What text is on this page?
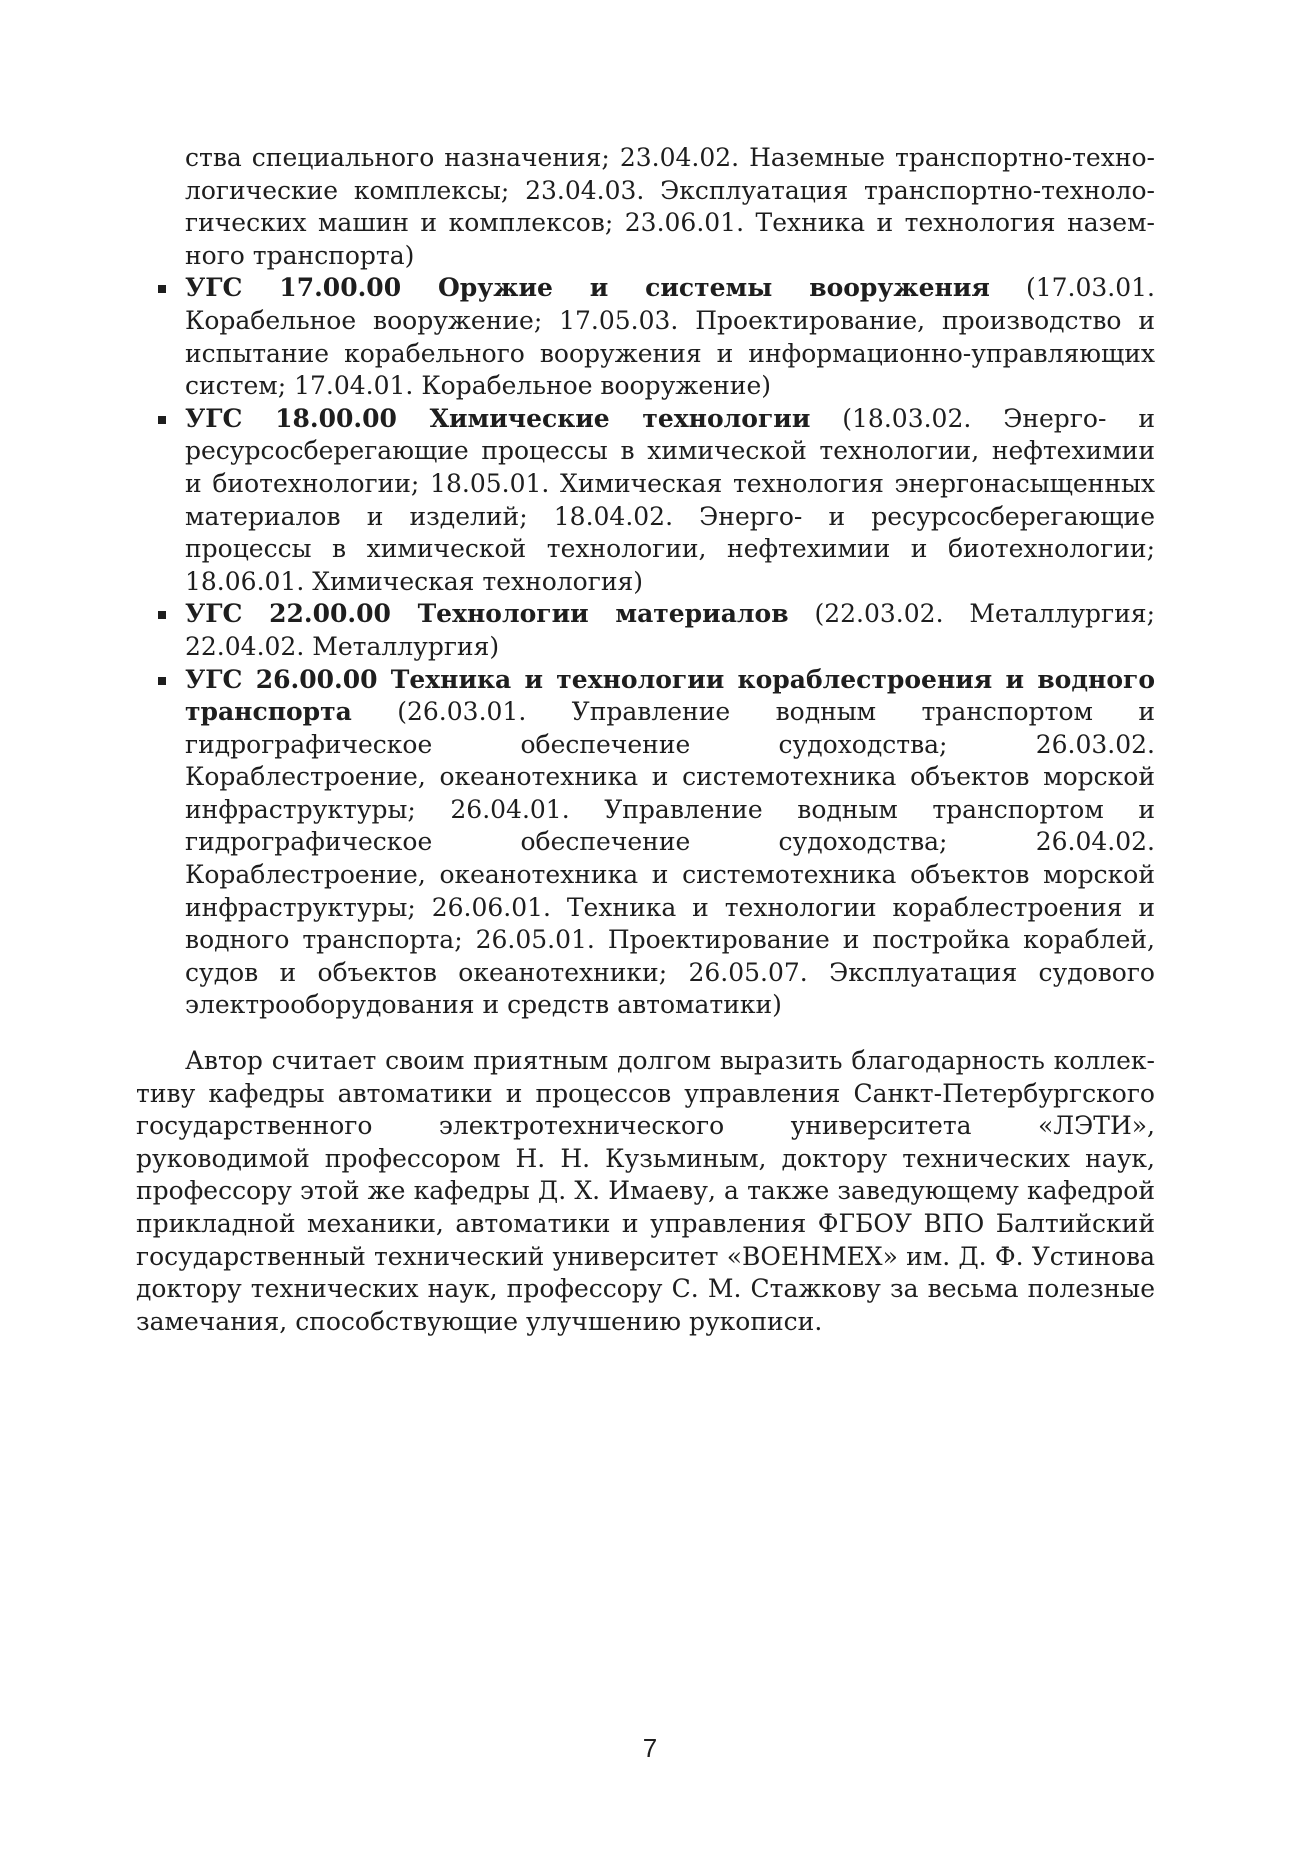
ства специального назначения; 23.04.02. Наземные транспортно-технологические комплексы; 23.04.03. Эксплуатация транспортно-технологических машин и комплексов; 23.06.01. Техника и технология наземного транспорта)

УГС 17.00.00 Оружие и системы вооружения (17.03.01. Корабельное вооружение; 17.05.03. Проектирование, производство и испытание корабельного вооружения и информационно-управляющих систем; 17.04.01. Корабельное вооружение)
УГС 18.00.00 Химические технологии (18.03.02. Энерго- и ресурсосберегающие процессы в химической технологии, нефтехимии и биотехнологии; 18.05.01. Химическая технология энергонасыщенных материалов и изделий; 18.04.02. Энерго- и ресурсосберегающие процессы в химической технологии, нефтехимии и биотехнологии; 18.06.01. Химическая технология)
УГС 22.00.00 Технологии материалов (22.03.02. Металлургия; 22.04.02. Металлургия)
УГС 26.00.00 Техника и технологии кораблестроения и водного транспорта (26.03.01. Управление водным транспортом и гидрографическое обеспечение судоходства; 26.03.02. Кораблестроение, океанотехника и системотехника объектов морской инфраструктуры; 26.04.01. Управление водным транспортом и гидрографическое обеспечение судоходства; 26.04.02. Кораблестроение, океанотехника и системотехника объектов морской инфраструктуры; 26.06.01. Техника и технологии кораблестроения и водного транспорта; 26.05.01. Проектирование и постройка кораблей, судов и объектов океанотехники; 26.05.07. Эксплуатация судового электрооборудования и средств автоматики)

Автор считает своим приятным долгом выразить благодарность коллективу кафедры автоматики и процессов управления Санкт-Петербургского государственного электротехнического университета «ЛЭТИ», руководимой профессором Н. Н. Кузьминым, доктору технических наук, профессору этой же кафедры Д. Х. Имаеву, а также заведующему кафедрой прикладной механики, автоматики и управления ФГБОУ ВПО Балтийский государственный технический университет «ВОЕНМЕХ» им. Д. Ф. Устинова доктору технических наук, профессору С. М. Стажкову за весьма полезные замечания, способствующие улучшению рукописи.

7
